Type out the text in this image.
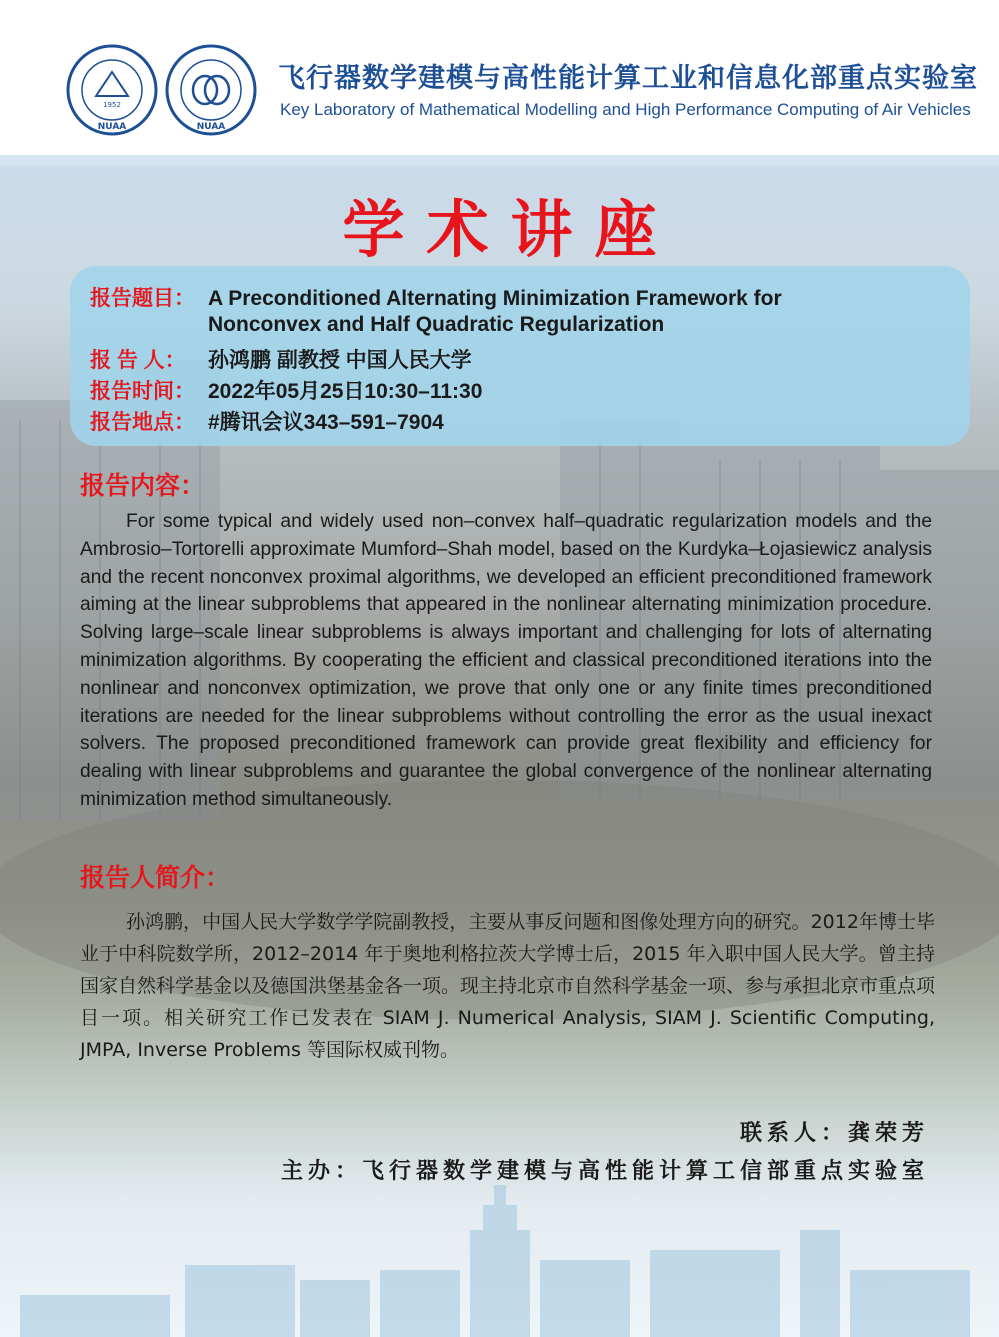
1952
NUAA	NUAA
飞行器数学建模与高性能计算工业和信息化部重点实验室
Key Laboratory of Mathematical Modelling and High Performance Computing of Air Vehicles
学术讲座
报告题目： A Preconditioned Alternating Minimization Framework for
Nonconvex and Half Quadratic Regularization
报 告 人： 孙鸿鹏 副教授 中国人民大学
报告时间： 2022年05月25日10:30–11:30
报告地点： #腾讯会议343–591–7904
报告内容：

For some typical and widely used non–convex half–quadratic regularization models and the Ambrosio–Tortorelli approximate Mumford–Shah model, based on the Kurdyka–Łojasiewicz analysis and the recent nonconvex proximal algorithms, we developed an efficient preconditioned framework aiming at the linear subproblems that appeared in the nonlinear alternating minimization procedure. Solving large–scale linear subproblems is always important and challenging for lots of alternating minimization algorithms. By cooperating the efficient and classical preconditioned iterations into the nonlinear and nonconvex optimization, we prove that only one or any finite times preconditioned iterations are needed for the linear subproblems without controlling the error as the usual inexact solvers. The proposed preconditioned framework can provide great flexibility and efficiency for dealing with linear subproblems and guarantee the global convergence of the nonlinear alternating minimization method simultaneously.

报告人简介：

孙鸿鹏，中国人民大学数学学院副教授，主要从事反问题和图像处理方向的研究。2012年博士毕业于中科院数学所，2012–2014 年于奥地利格拉茨大学博士后，2015 年入职中国人民大学。曾主持国家自然科学基金以及德国洪堡基金各一项。现主持北京市自然科学基金一项、参与承担北京市重点项目一项。相关研究工作已发表在 SIAM J. Numerical Analysis, SIAM J. Scientific Computing, JMPA, Inverse Problems 等国际权威刊物。

联系人：龚荣芳
主办：飞行器数学建模与高性能计算工信部重点实验室
